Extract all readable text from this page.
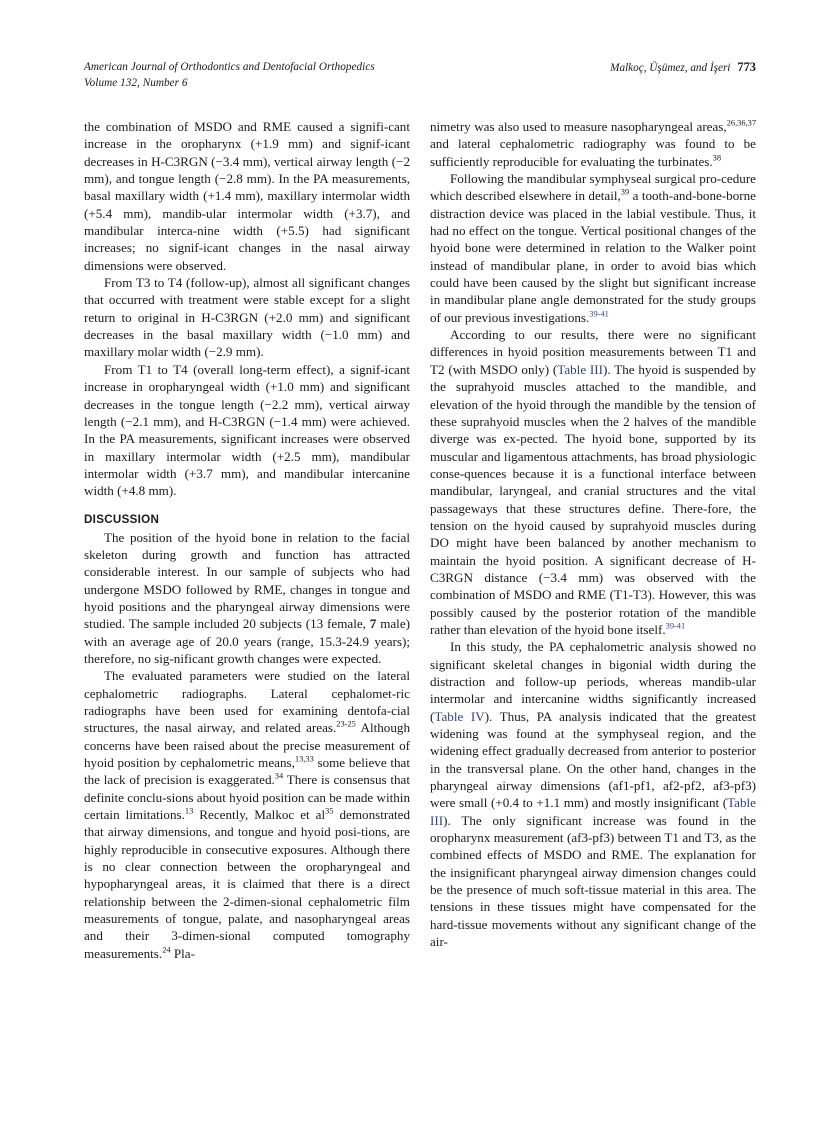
American Journal of Orthodontics and Dentofacial Orthopedics
Volume 132, Number 6
Malkoç, Üşümez, and İşeri 773

the combination of MSDO and RME caused a signifi-cant increase in the oropharynx (+1.9 mm) and signif-icant decreases in H-C3RGN (−3.4 mm), vertical airway length (−2 mm), and tongue length (−2.8 mm). In the PA measurements, basal maxillary width (+1.4 mm), maxillary intermolar width (+5.4 mm), mandib-ular intermolar width (+3.7), and mandibular interca-nine width (+5.5) had significant increases; no signif-icant changes in the nasal airway dimensions were observed.

From T3 to T4 (follow-up), almost all significant changes that occurred with treatment were stable except for a slight return to original in H-C3RGN (+2.0 mm) and significant decreases in the basal maxillary width (−1.0 mm) and maxillary molar width (−2.9 mm).

From T1 to T4 (overall long-term effect), a signif-icant increase in oropharyngeal width (+1.0 mm) and significant decreases in the tongue length (−2.2 mm), vertical airway length (−2.1 mm), and H-C3RGN (−1.4 mm) were achieved. In the PA measurements, significant increases were observed in maxillary intermolar width (+2.5 mm), mandibular intermolar width (+3.7 mm), and mandibular intercanine width (+4.8 mm).

DISCUSSION

The position of the hyoid bone in relation to the facial skeleton during growth and function has attracted considerable interest. In our sample of subjects who had undergone MSDO followed by RME, changes in tongue and hyoid positions and the pharyngeal airway dimensions were studied. The sample included 20 subjects (13 female, 7 male) with an average age of 20.0 years (range, 15.3-24.9 years); therefore, no sig-nificant growth changes were expected.

The evaluated parameters were studied on the lateral cephalometric radiographs. Lateral cephalomet-ric radiographs have been used for examining dentofa-cial structures, the nasal airway, and related areas.$^{23-25}$ Although concerns have been raised about the precise measurement of hyoid position by cephalometric means,$^{13,33}$ some believe that the lack of precision is exaggerated.$^{34}$ There is consensus that definite conclu-sions about hyoid position can be made within certain limitations.$^{13}$ Recently, Malkoc et al$^{35}$ demonstrated that airway dimensions, and tongue and hyoid posi-tions, are highly reproducible in consecutive exposures. Although there is no clear connection between the oropharyngeal and hypopharyngeal areas, it is claimed that there is a direct relationship between the 2-dimen-sional cephalometric film measurements of tongue, palate, and nasopharyngeal areas and their 3-dimen-sional computed tomography measurements.$^{24}$ Pla-

nimetry was also used to measure nasopharyngeal areas,$^{26,36,37}$ and lateral cephalometric radiography was found to be sufficiently reproducible for evaluating the turbinates.$^{38}$

Following the mandibular symphyseal surgical pro-cedure which described elsewhere in detail,$^{39}$ a tooth-and-bone-borne distraction device was placed in the labial vestibule. Thus, it had no effect on the tongue. Vertical positional changes of the hyoid bone were determined in relation to the Walker point instead of mandibular plane, in order to avoid bias which could have been caused by the slight but significant increase in mandibular plane angle demonstrated for the study groups of our previous investigations.$^{39-41}$

According to our results, there were no significant differences in hyoid position measurements between T1 and T2 (with MSDO only) (Table III). The hyoid is suspended by the suprahyoid muscles attached to the mandible, and elevation of the hyoid through the mandible by the tension of these suprahyoid muscles when the 2 halves of the mandible diverge was ex-pected. The hyoid bone, supported by its muscular and ligamentous attachments, has broad physiologic conse-quences because it is a functional interface between mandibular, laryngeal, and cranial structures and the vital passageways that these structures define. There-fore, the tension on the hyoid caused by suprahyoid muscles during DO might have been balanced by another mechanism to maintain the hyoid position. A significant decrease of H-C3RGN distance (−3.4 mm) was observed with the combination of MSDO and RME (T1-T3). However, this was possibly caused by the posterior rotation of the mandible rather than elevation of the hyoid bone itself.$^{39-41}$

In this study, the PA cephalometric analysis showed no significant skeletal changes in bigonial width during the distraction and follow-up periods, whereas mandib-ular intermolar and intercanine widths significantly increased (Table IV). Thus, PA analysis indicated that the greatest widening was found at the symphyseal region, and the widening effect gradually decreased from anterior to posterior in the transversal plane. On the other hand, changes in the pharyngeal airway dimensions (af1-pf1, af2-pf2, af3-pf3) were small (+0.4 to +1.1 mm) and mostly insignificant (Table III). The only significant increase was found in the oropharynx measurement (af3-pf3) between T1 and T3, as the combined effects of MSDO and RME. The explanation for the insignificant pharyngeal airway dimension changes could be the presence of much soft-tissue material in this area. The tensions in these tissues might have compensated for the hard-tissue movements without any significant change of the air-
